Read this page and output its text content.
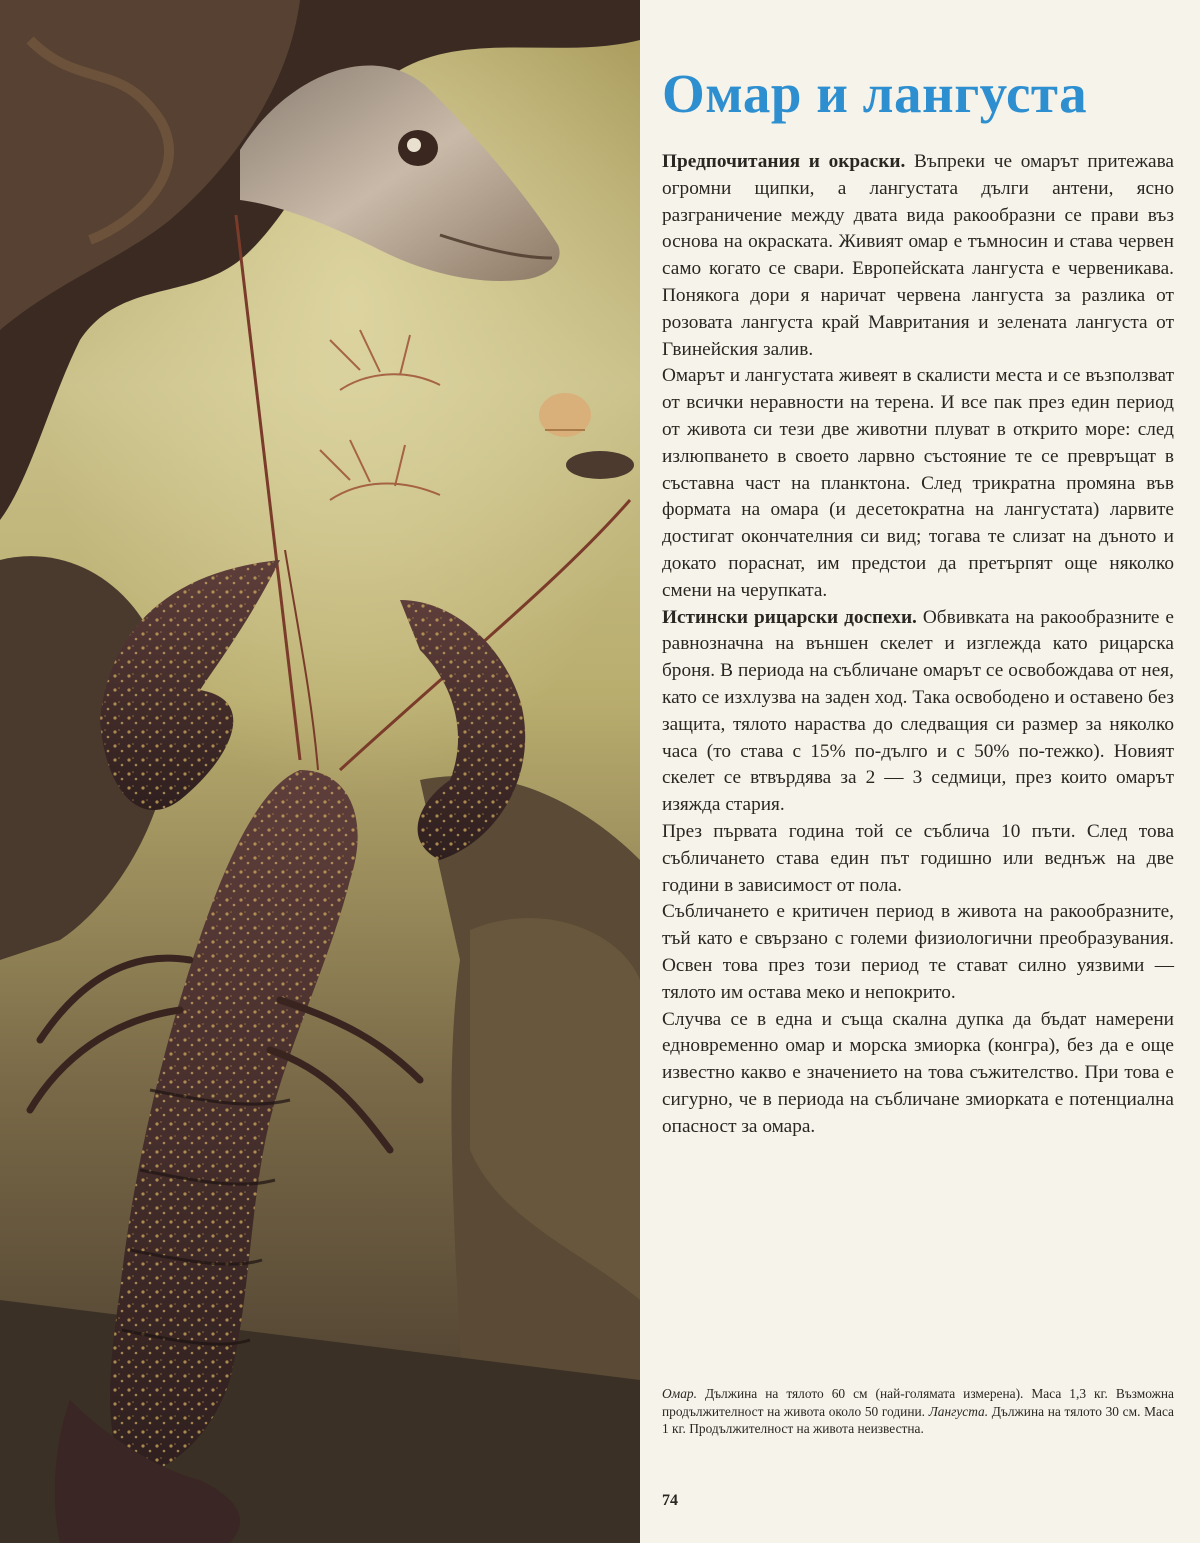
Омар и лангуста

Предпочитания и окраски. Въпреки че омарът притежава огромни щипки, а лангустата дълги антени, ясно разграничение между двата вида ракообразни се прави въз основа на окраската. Живият омар е тъмносин и става червен само когато се свари. Европейската лангуста е червеникава. Понякога дори я наричат червена лангуста за разлика от розовата лангуста край Мавритания и зелената лангуста от Гвинейския залив.

Омарът и лангустата живеят в скалисти места и се възползват от всички неравности на терена. И все пак през един период от живота си тези две животни плуват в открито море: след излюпването в своето ларвно състояние те се превръщат в съставна част на планктона. След трикратна промяна във формата на омара (и десетократна на лангустата) ларвите достигат окончателния си вид; тогава те слизат на дъното и докато пораснат, им предстои да претърпят още няколко смени на черупката.

Истински рицарски доспехи. Обвивката на ракообразните е равнозначна на външен скелет и изглежда като рицарска броня. В периода на събличане омарът се освобождава от нея, като се изхлузва на заден ход. Така освободено и оставено без защита, тялото нараства до следващия си размер за няколко часа (то става с 15% по-дълго и с 50% по-тежко). Новият скелет се втвърдява за 2 — 3 седмици, през които омарът изяжда стария.

През първата година той се съблича 10 пъти. След това събличането става един път годишно или веднъж на две години в зависимост от пола.

Събличането е критичен период в живота на ракообразните, тъй като е свързано с големи физиологични преобразувания. Освен това през този период те стават силно уязвими — тялото им остава меко и непокрито.

Случва се в една и съща скална дупка да бъдат намерени едновременно омар и морска змиорка (конгра), без да е още известно какво е значението на това съжителство. При това е сигурно, че в периода на събличане змиорката е потенциална опасност за омара.

Омар. Дължина на тялото 60 см (най-голямата измерена). Маса 1,3 кг. Възможна продължителност на живота около 50 години. Лангуста. Дължина на тялото 30 см. Маса 1 кг. Продължителност на живота неизвестна.
74
